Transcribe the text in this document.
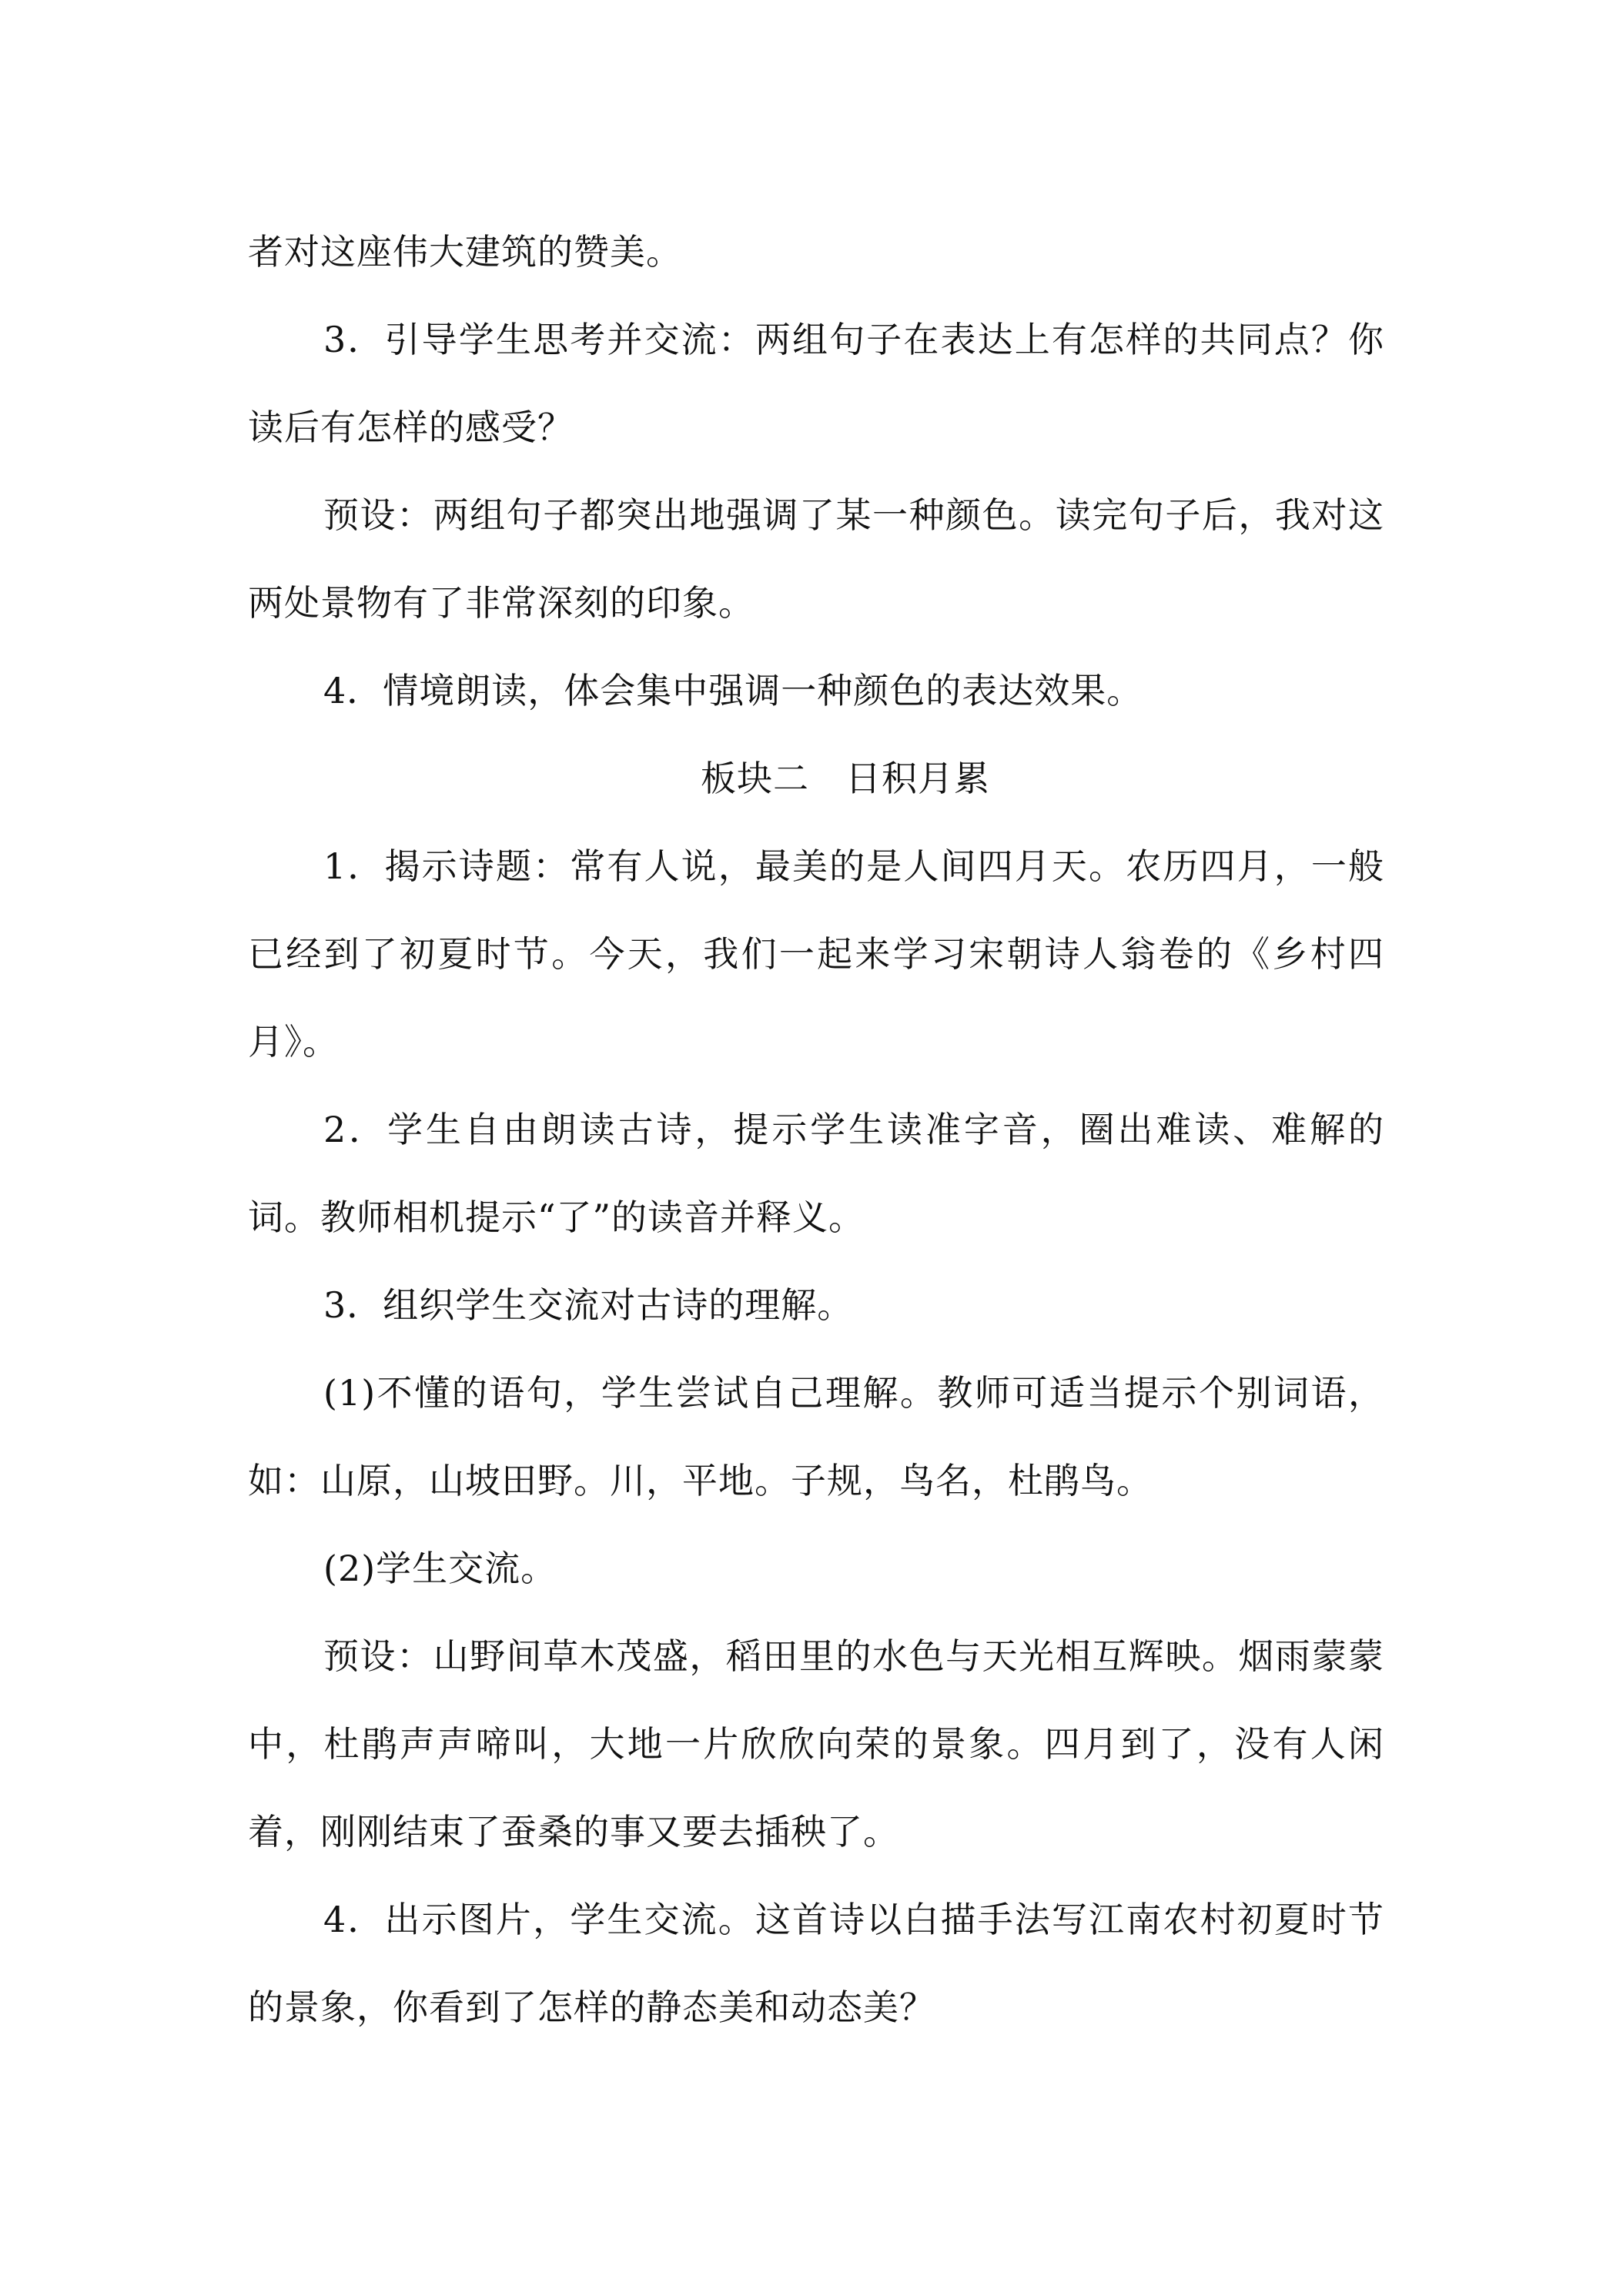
者对这座伟大建筑的赞美。

3．引导学生思考并交流：两组句子在表达上有怎样的共同点？你读后有怎样的感受？

预设：两组句子都突出地强调了某一种颜色。读完句子后，我对这两处景物有了非常深刻的印象。

4．情境朗读，体会集中强调一种颜色的表达效果。

板块二　日积月累

1．揭示诗题：常有人说，最美的是人间四月天。农历四月，一般已经到了初夏时节。今天，我们一起来学习宋朝诗人翁卷的《乡村四月》。

2．学生自由朗读古诗，提示学生读准字音，圈出难读、难解的词。教师相机提示“了”的读音并释义。

3．组织学生交流对古诗的理解。

(1)不懂的语句，学生尝试自己理解。教师可适当提示个别词语，如：山原，山坡田野。川，平地。子规，鸟名，杜鹃鸟。

(2)学生交流。

预设：山野间草木茂盛，稻田里的水色与天光相互辉映。烟雨蒙蒙中，杜鹃声声啼叫，大地一片欣欣向荣的景象。四月到了，没有人闲着，刚刚结束了蚕桑的事又要去插秧了。

4．出示图片，学生交流。这首诗以白描手法写江南农村初夏时节的景象，你看到了怎样的静态美和动态美？
